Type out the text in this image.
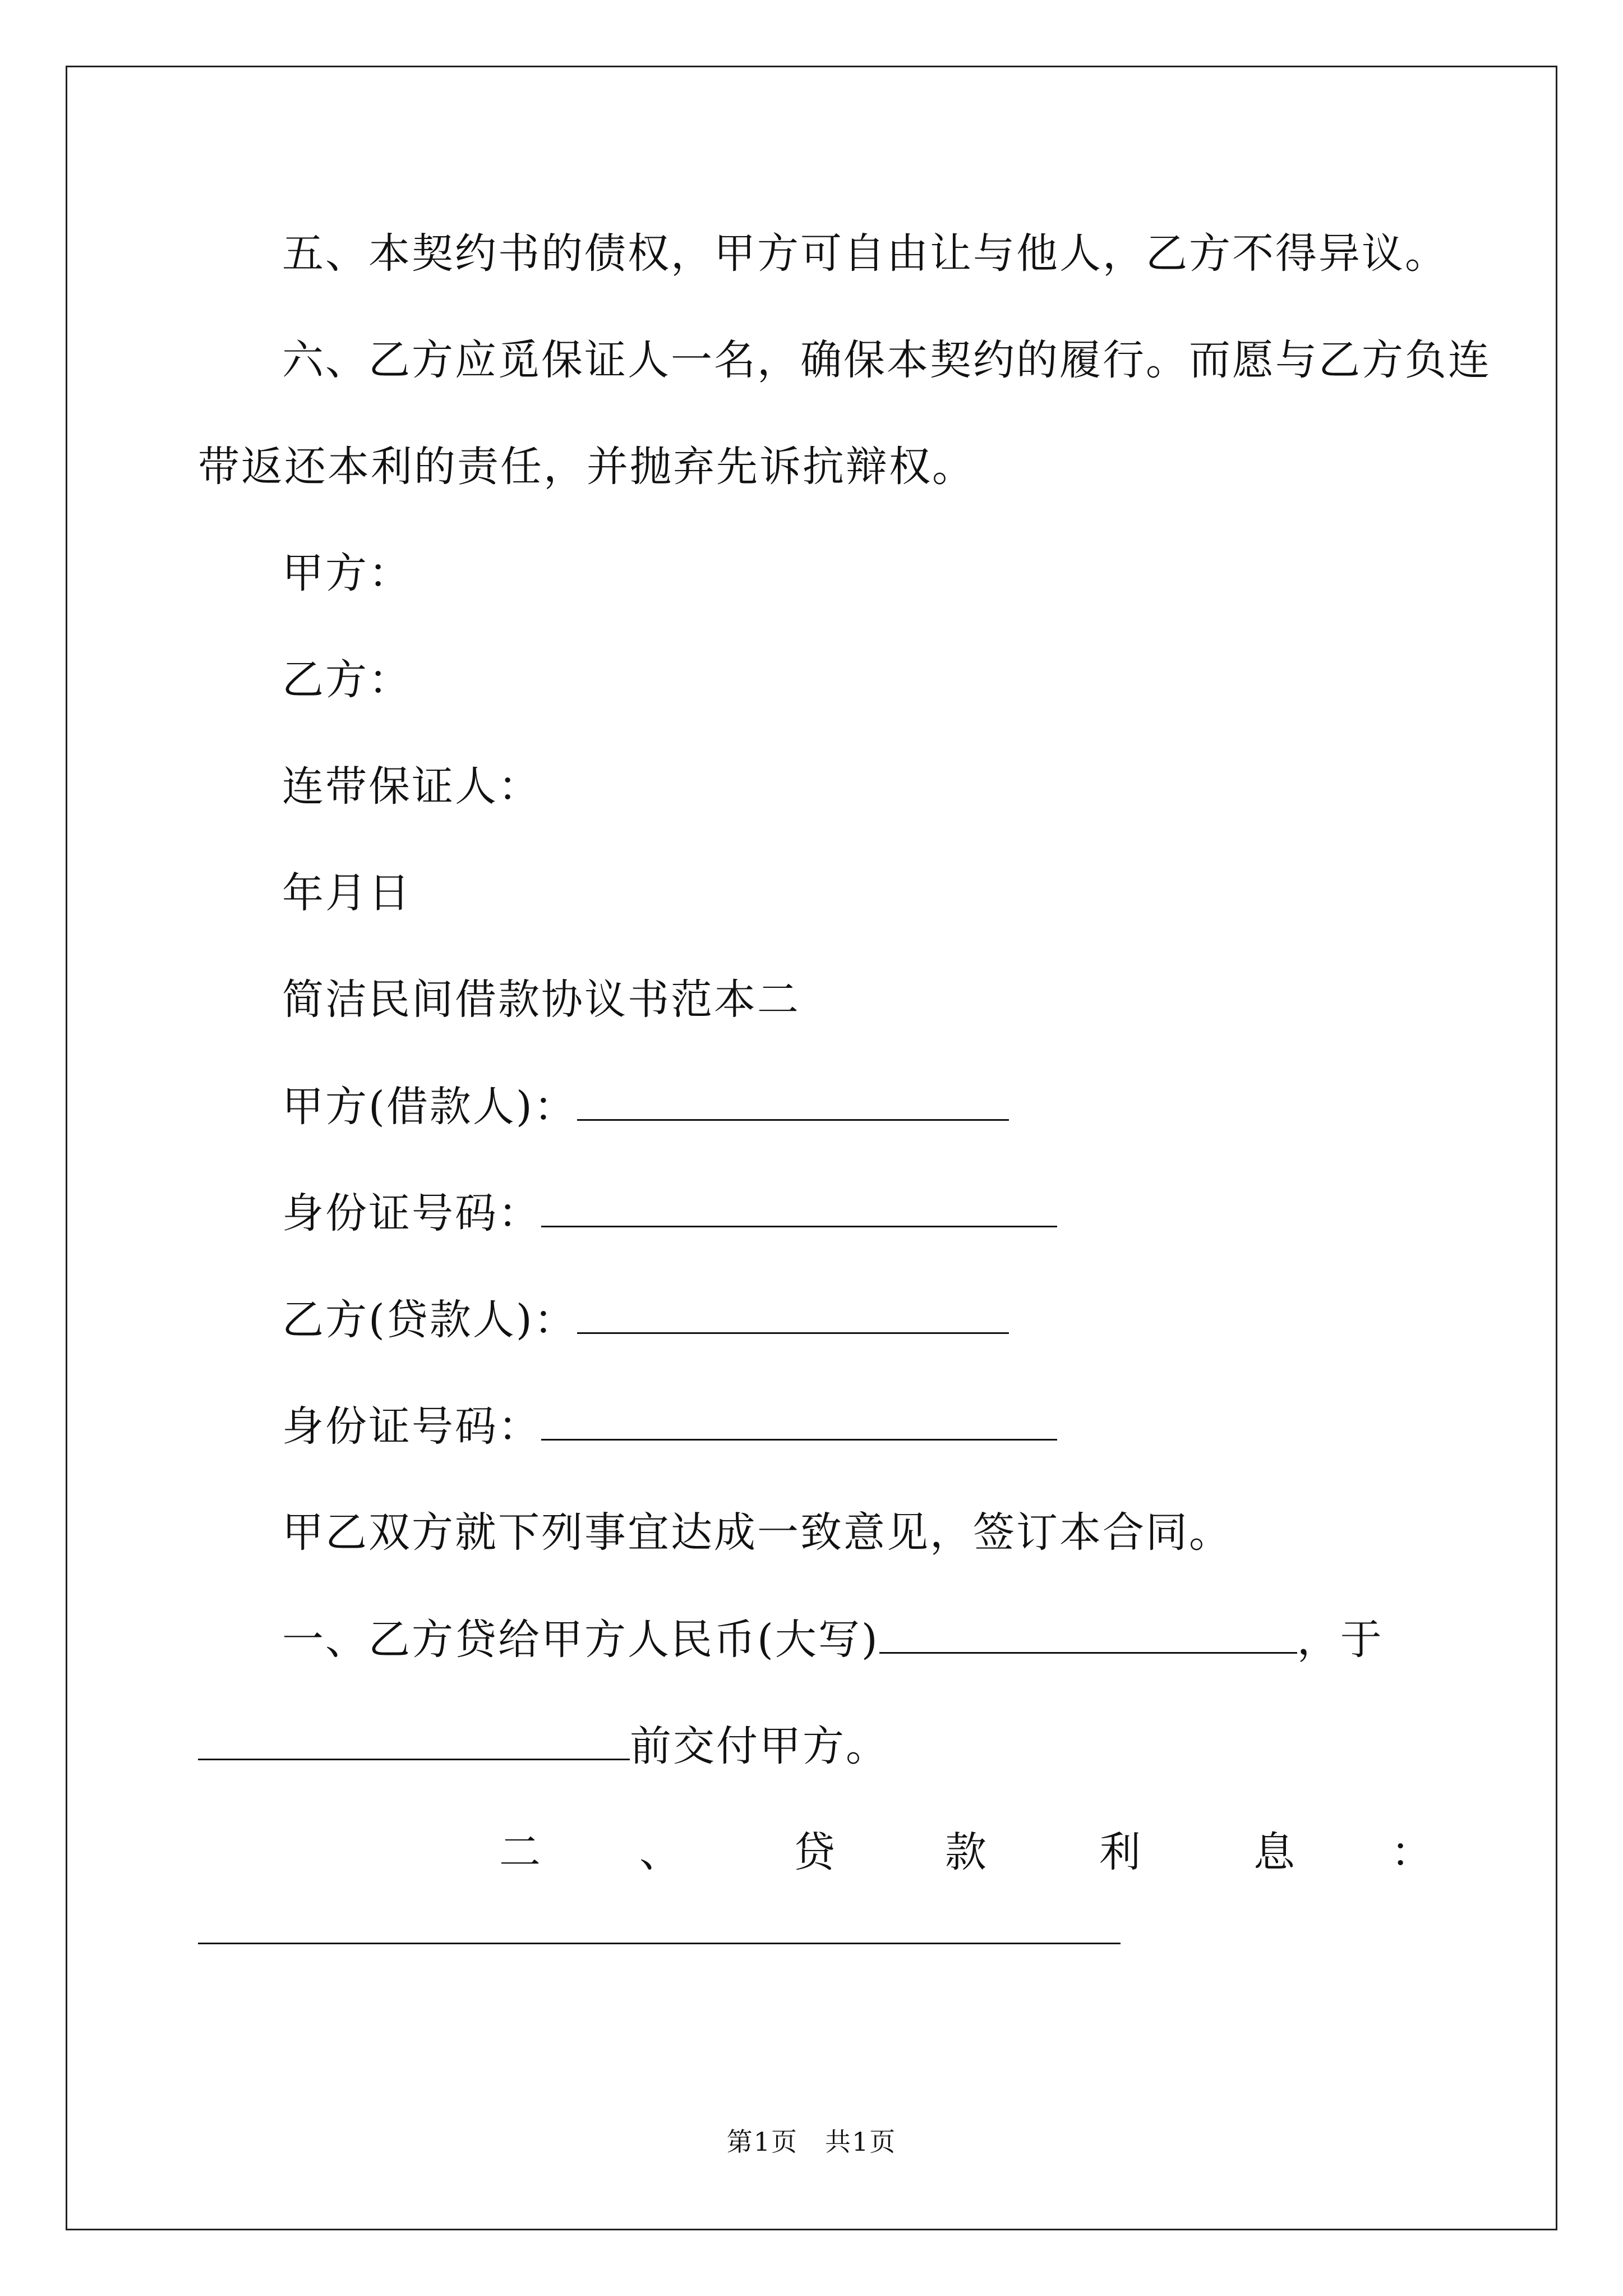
五、本契约书的债权，甲方可自由让与他人，乙方不得异议。
六、乙方应觅保证人一名，确保本契约的履行。而愿与乙方负连
带返还本利的责任，并抛弃先诉抗辩权。
甲方：
乙方：
连带保证人：
年月日
简洁民间借款协议书范本二
甲方(借款人)：
身份证号码：
乙方(贷款人)：
身份证号码：
甲乙双方就下列事宜达成一致意见，签订本合同。
一、乙方贷给甲方人民币(大写)	，于
前交付甲方。
二 、	贷	款	利	息 ：
第1页　共1页
